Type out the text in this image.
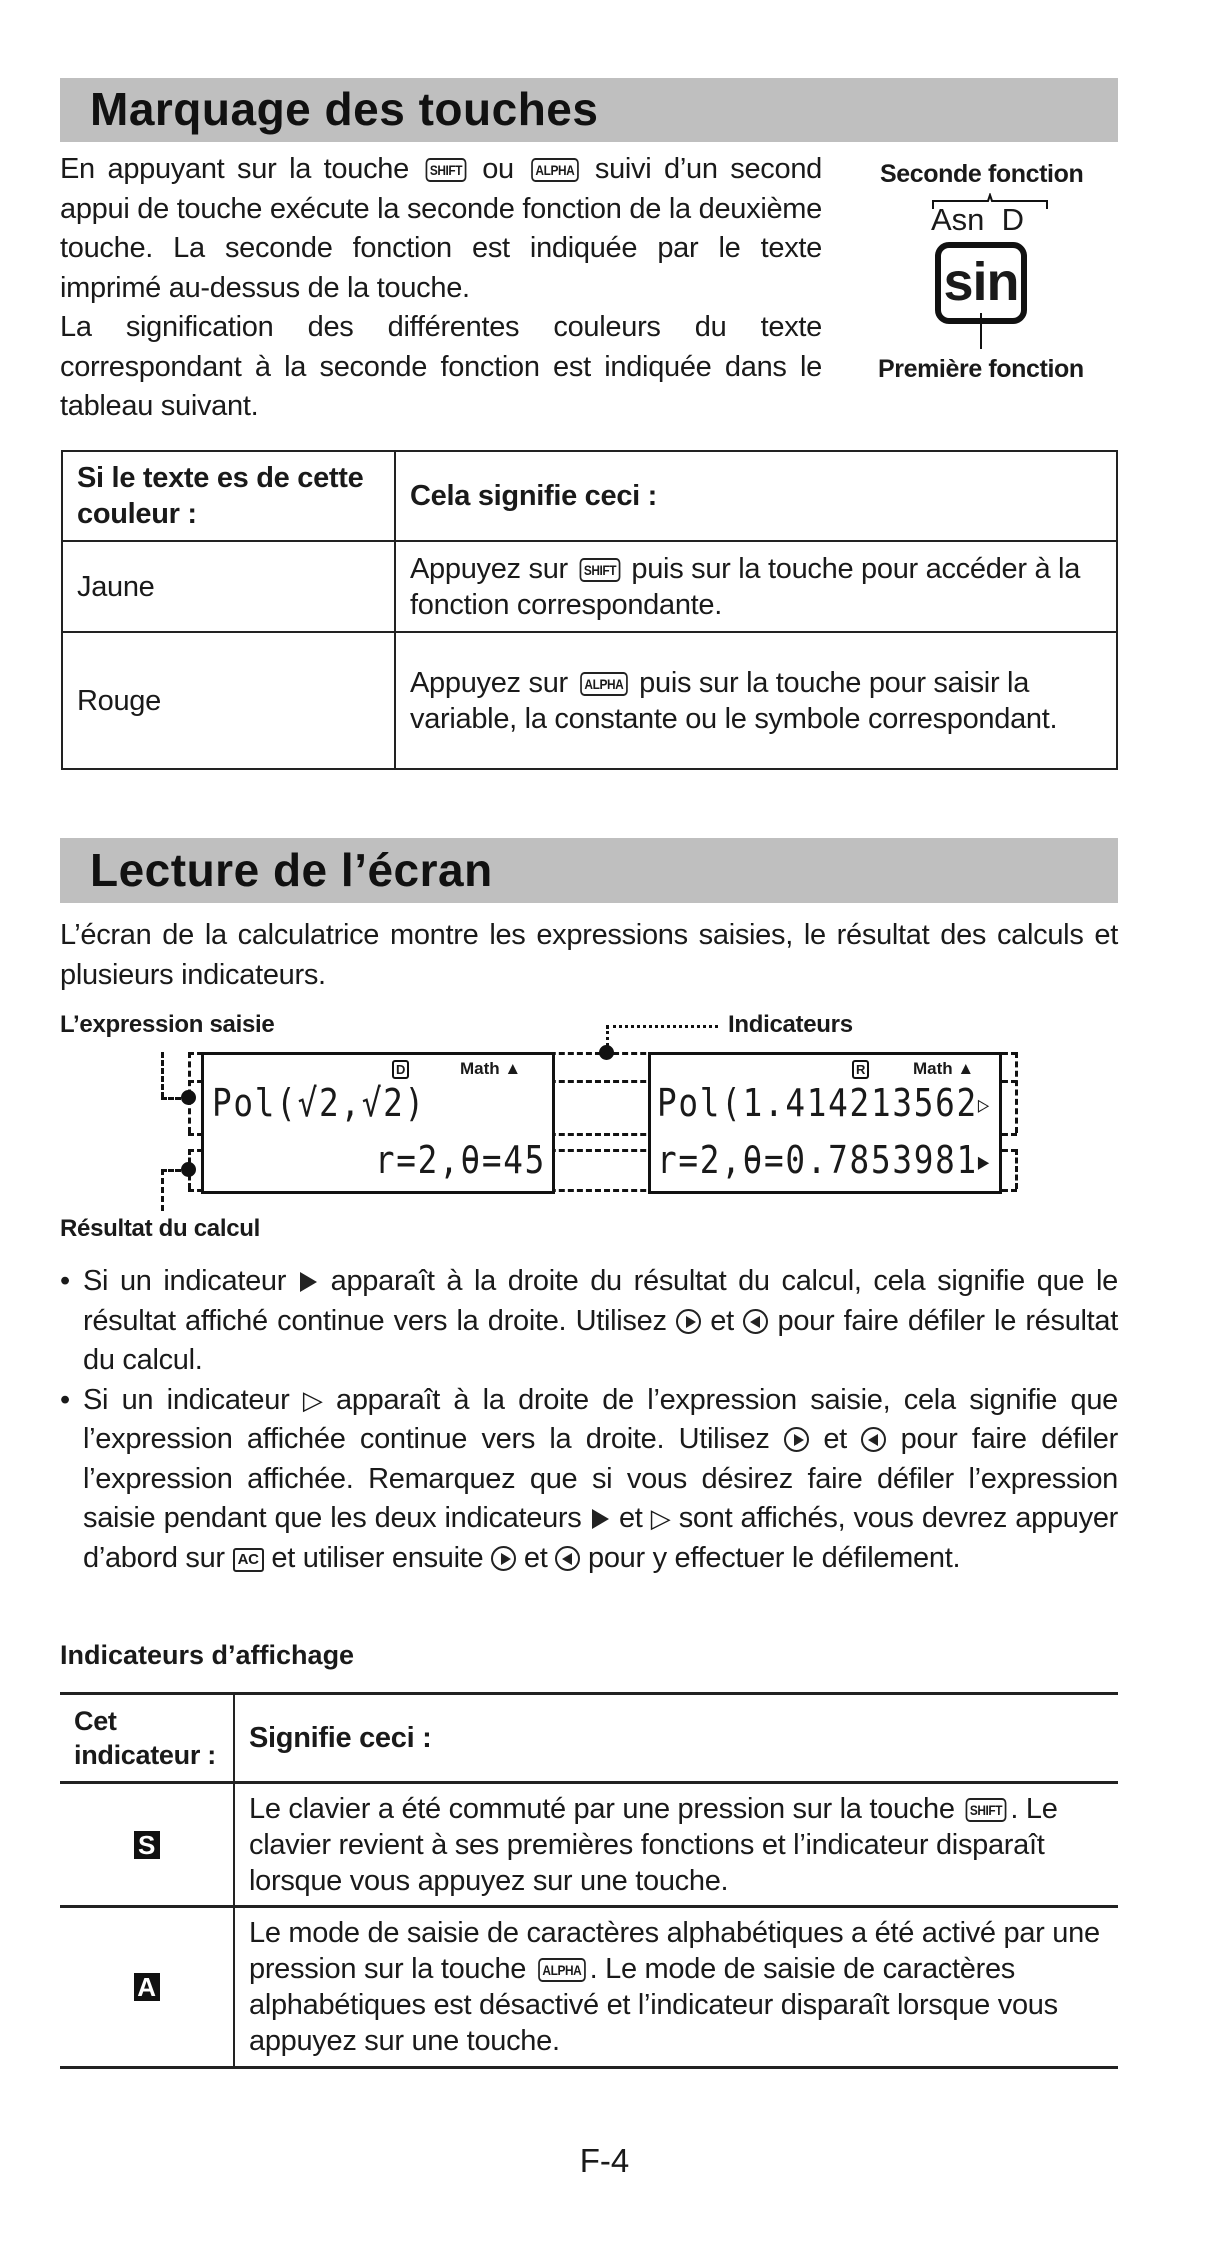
Marquage des touches

En appuyant sur la touche SHIFT ou ALPHA suivi d’un second appui de touche exécute la seconde fonction de la deuxième touche. La seconde fonction est indiquée par le texte imprimé au-dessus de la touche.

La signification des différentes couleurs du texte correspondant à la seconde fonction est indiquée dans le tableau suivant.

Seconde fonction
Asn  D
sin
Première fonction
Si le texte es de cette couleur :	Cela signifie ceci :
Jaune	Appuyez sur SHIFT puis sur la touche pour accéder à la fonction correspondante.
Rouge	Appuyez sur ALPHA puis sur la touche pour saisir la variable, la constante ou le symbole correspondant.
Lecture de l’écran

L’écran de la calculatrice montre les expressions saisies, le résultat des calculs et plusieurs indicateurs.

L’expression saisie	Indicateurs
Résultat du calcul
D	Math ▲
Pol(√2,√2)
r=2,θ=45
R	Math ▲
Pol(1.414213562▷
r=2,θ=0.7853981▶
• Si un indicateur apparaît à la droite du résultat du calcul, cela signifie que le résultat affiché continue vers la droite. Utilisez et pour faire défiler le résultat du calcul.
• Si un indicateur ▷ apparaît à la droite de l’expression saisie, cela signifie que l’expression affichée continue vers la droite. Utilisez et pour faire défiler l’expression affichée. Remarquez que si vous désirez faire défiler l’expression saisie pendant que les deux indicateurs et ▷ sont affichés, vous devrez appuyer d’abord sur AC et utiliser ensuite et pour y effectuer le défilement.
Indicateurs d’affichage
Cet indicateur :	Signifie ceci :
S	Le clavier a été commuté par une pression sur la touche SHIFT . Le clavier revient à ses premières fonctions et l’indicateur disparaît lorsque vous appuyez sur une touche.
A	Le mode de saisie de caractères alphabétiques a été activé par une pression sur la touche ALPHA . Le mode de saisie de caractères alphabétiques est désactivé et l’indicateur disparaît lorsque vous appuyez sur une touche.
F-4
